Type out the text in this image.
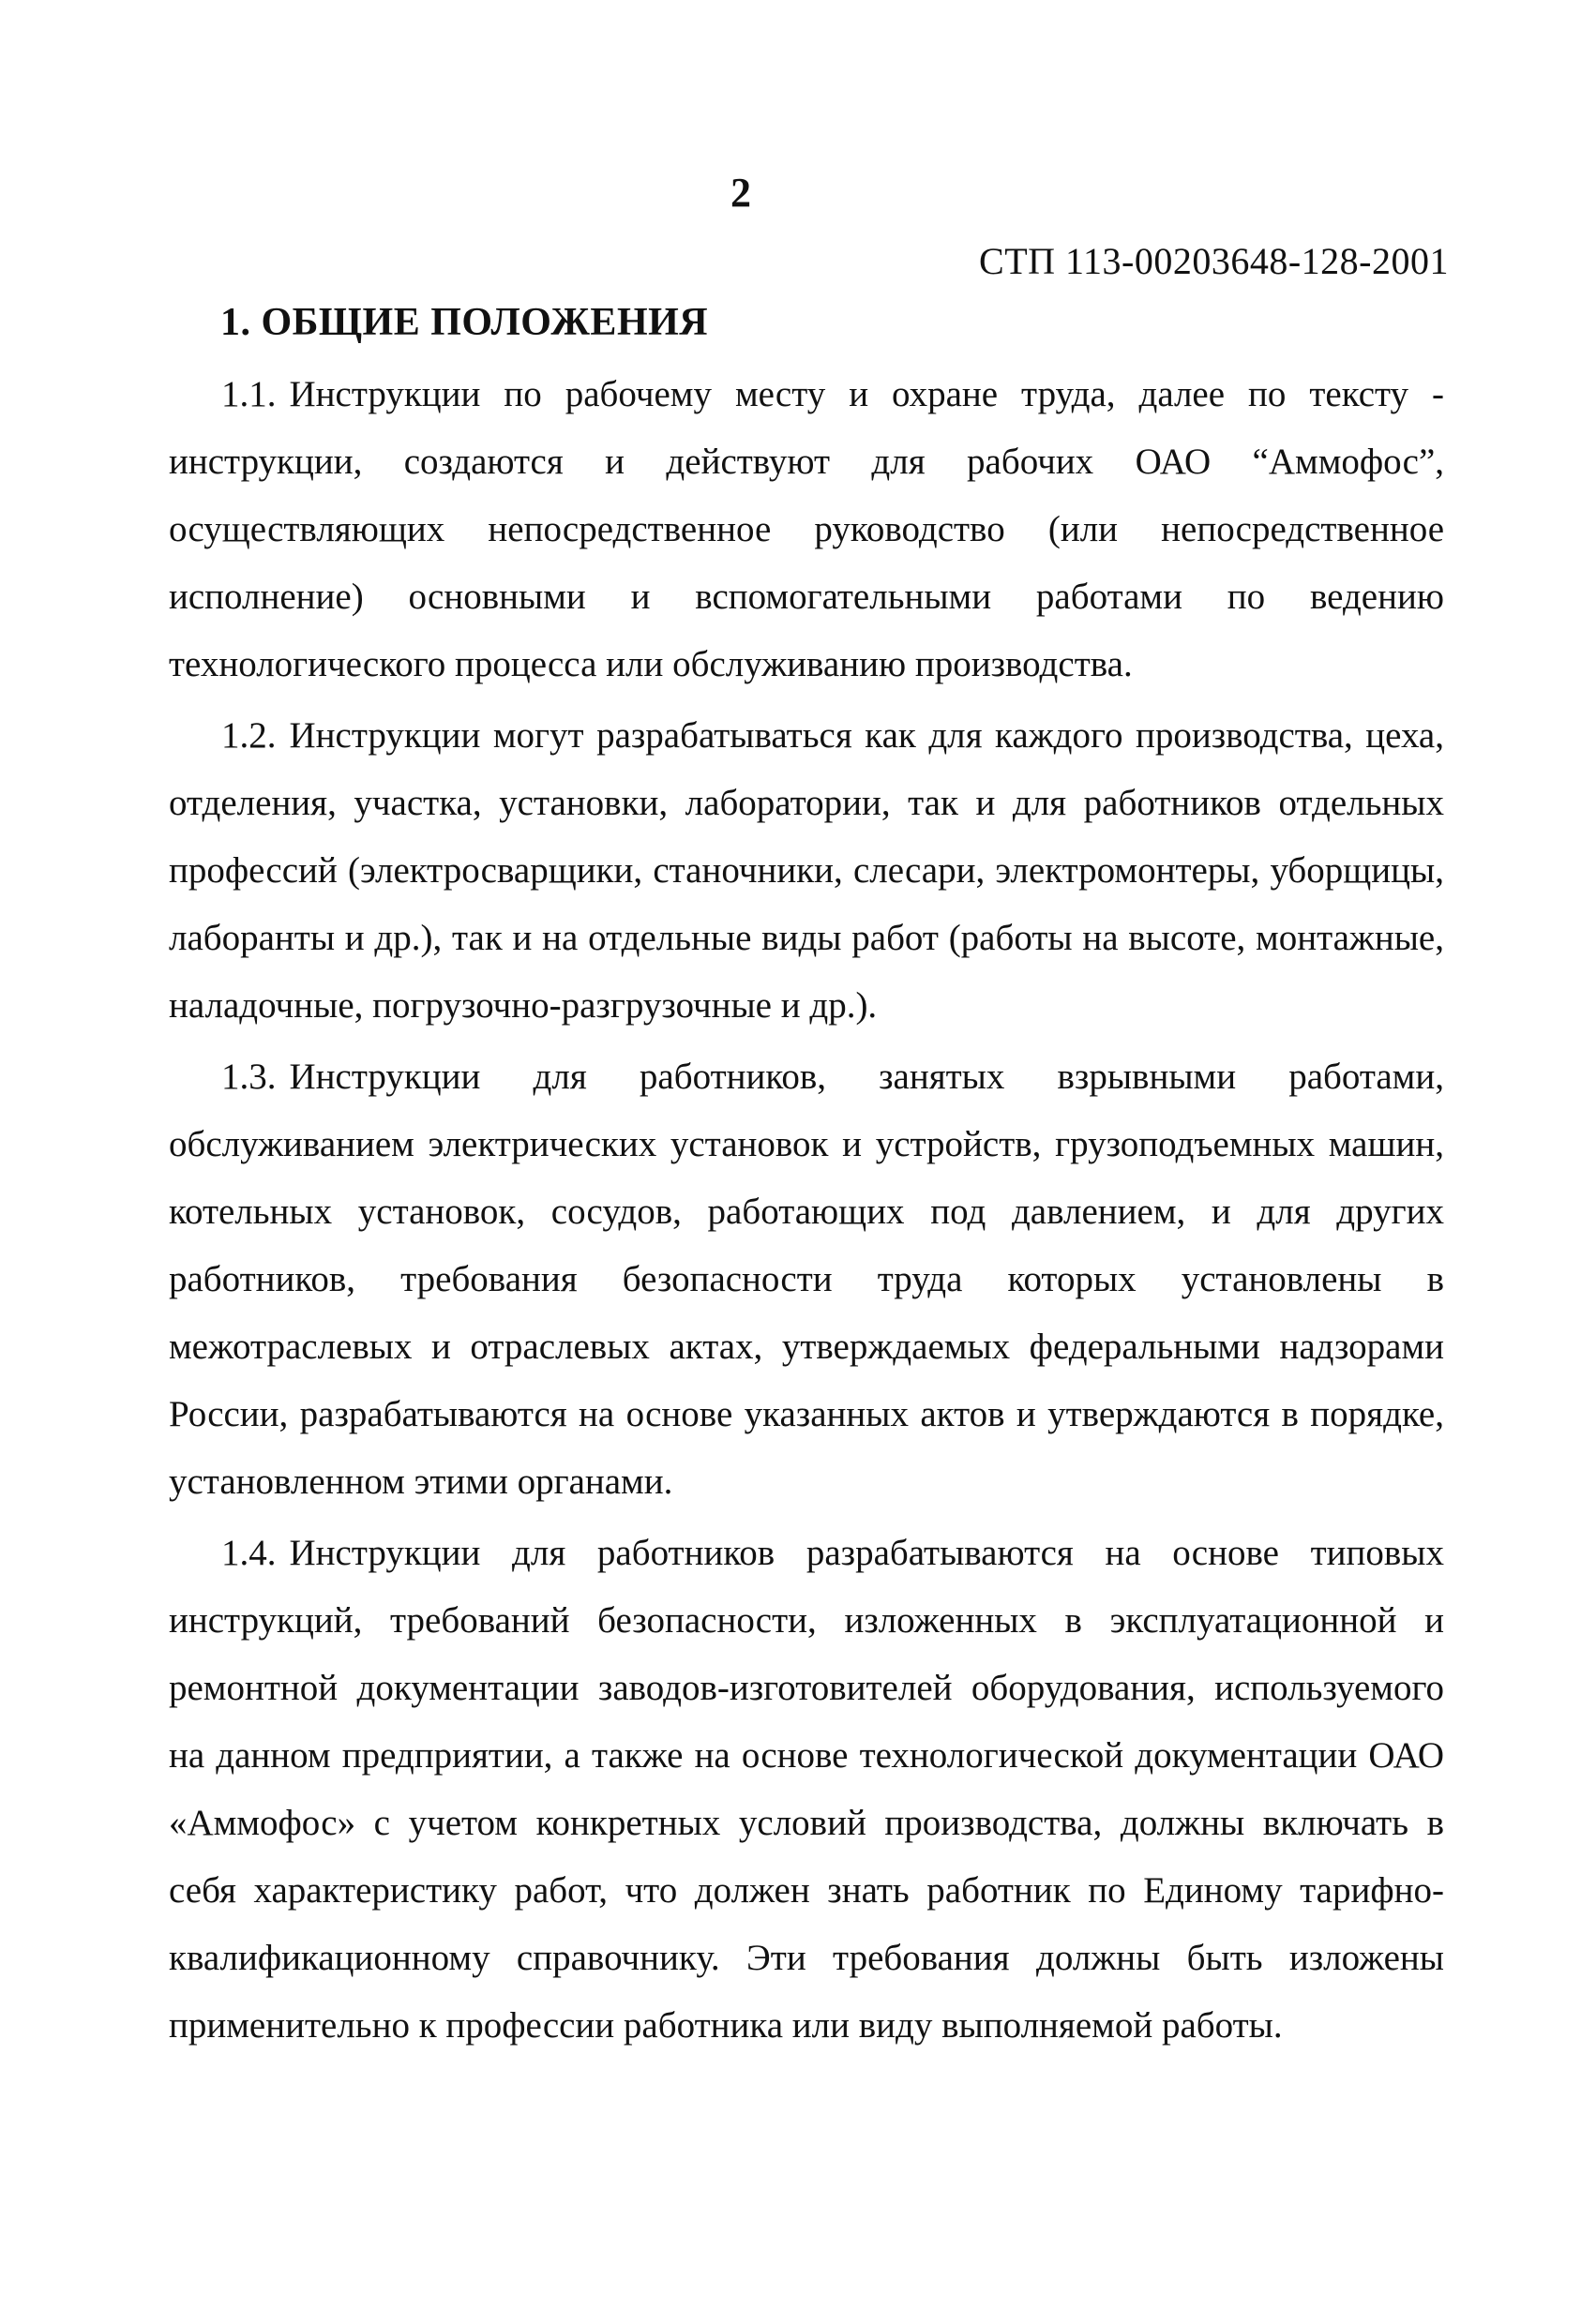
2
СТП 113-00203648-128-2001
1. ОБЩИЕ ПОЛОЖЕНИЯ

1.1. Инструкции по рабочему месту и охране труда, далее по тексту - инструкции, создаются и действуют для рабочих ОАО “Аммофос”, осуществляющих непосредственное руководство (или непосредственное исполнение) основными и вспомогательными работами по ведению технологического процесса или обслуживанию производства.

1.2. Инструкции могут разрабатываться как для каждого производства, цеха, отделения, участка, установки, лаборатории, так и для работников отдельных профессий (электросварщики, станочники, слесари, электромонтеры, уборщицы, лаборанты и др.), так и на отдельные виды работ (работы на высоте, монтажные, наладочные, погрузочно-разгрузочные и др.).

1.3. Инструкции для работников, занятых взрывными работами, обслуживанием электрических установок и устройств, грузоподъемных машин, котельных установок, сосудов, работающих под давлением, и для других работников, требования безопасности труда которых установлены в межотраслевых и отраслевых актах, утверждаемых федеральными надзорами России, разрабатываются на основе указанных актов и утверждаются в порядке, установленном этими органами.

1.4. Инструкции для работников разрабатываются на основе типовых инструкций, требований безопасности, изложенных в эксплуатационной и ремонтной документации заводов-изготовителей оборудования, используемого на данном предприятии, а также на основе технологической документации ОАО «Аммофос» с учетом конкретных условий производства, должны включать в себя характеристику работ, что должен знать работник по Единому тарифно-квалификационному справочнику. Эти требования должны быть изложены применительно к профессии работника или виду выполняемой работы.
